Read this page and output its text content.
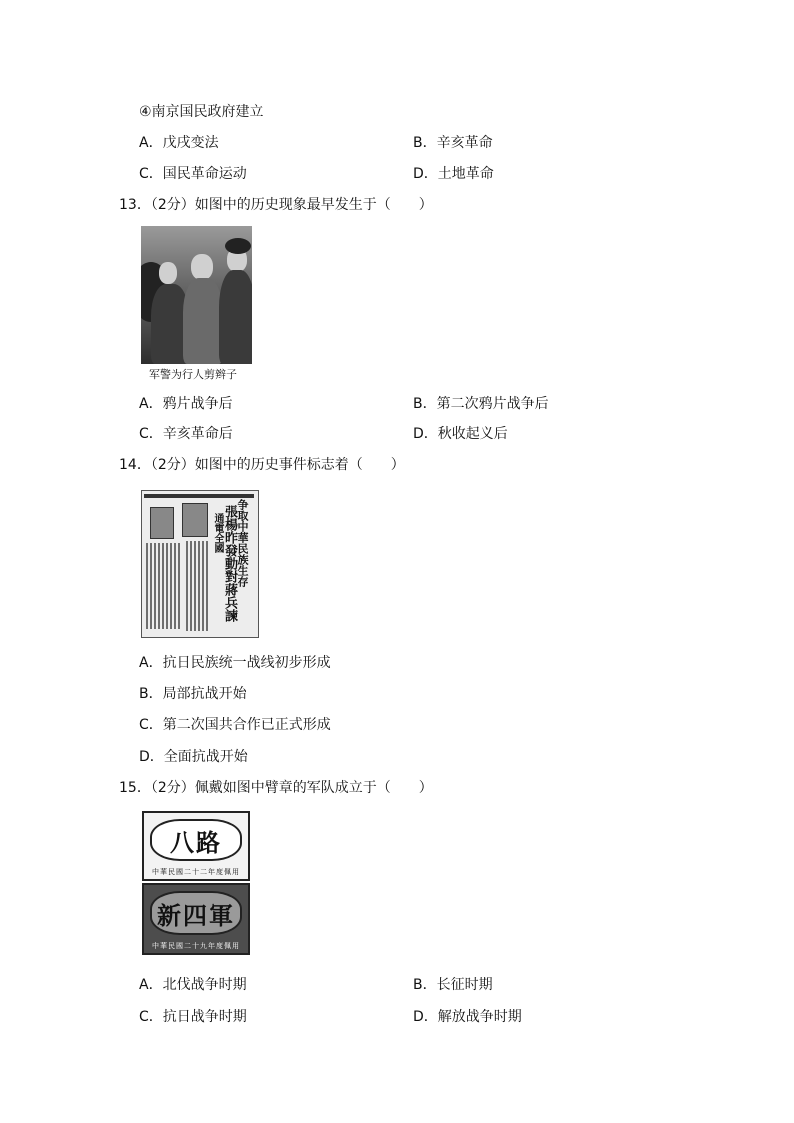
④南京国民政府建立
A．戊戌变法	B．辛亥革命
C．国民革命运动	D．土地革命
13．（2分）如图中的历史现象最早发生于（　　）
军警为行人剪辫子
A．鸦片战争后	B．第二次鸦片战争后
C．辛亥革命后	D．秋收起义后
14．（2分）如图中的历史事件标志着（　　）
争取中華民族生存
張楊昨發動對蔣兵諫
通電全國
A．抗日民族统一战线初步形成
B．局部抗战开始
C．第二次国共合作已正式形成
D．全面抗战开始
15．（2分）佩戴如图中臂章的军队成立于（　　）
八路
中華民國二十二年度佩用
新四軍
中華民國二十九年度佩用
A．北伐战争时期	B．长征时期
C．抗日战争时期	D．解放战争时期
